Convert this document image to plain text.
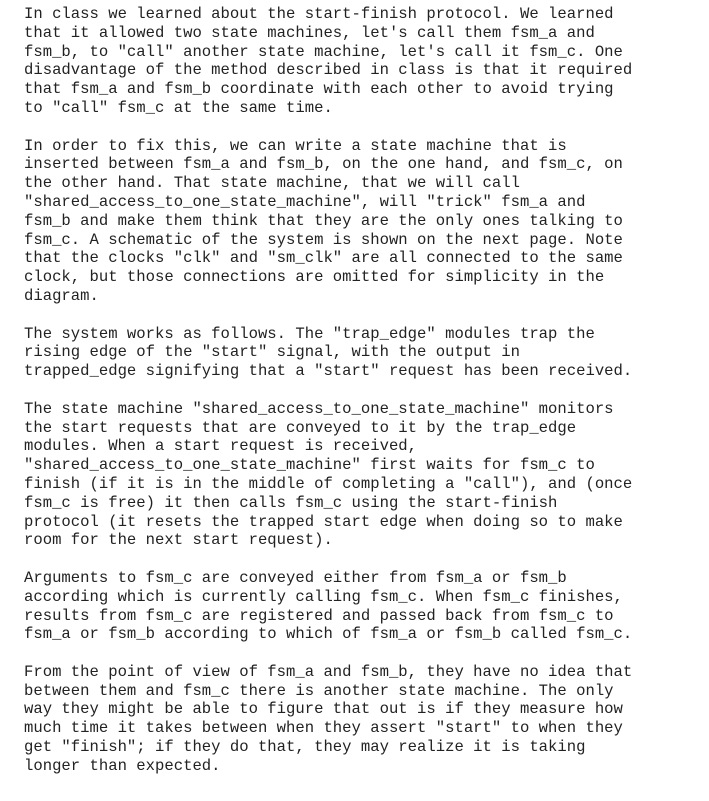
In class we learned about the start-finish protocol. We learned
that it allowed two state machines, let's call them fsm_a and
fsm_b, to "call" another state machine, let's call it fsm_c. One
disadvantage of the method described in class is that it required
that fsm_a and fsm_b coordinate with each other to avoid trying
to "call" fsm_c at the same time.
In order to fix this, we can write a state machine that is
inserted between fsm_a and fsm_b, on the one hand, and fsm_c, on
the other hand. That state machine, that we will call
"shared_access_to_one_state_machine", will "trick" fsm_a and
fsm_b and make them think that they are the only ones talking to
fsm_c. A schematic of the system is shown on the next page. Note
that the clocks "clk" and "sm_clk" are all connected to the same
clock, but those connections are omitted for simplicity in the
diagram.
The system works as follows. The "trap_edge" modules trap the
rising edge of the "start" signal, with the output in
trapped_edge signifying that a "start" request has been received.
The state machine "shared_access_to_one_state_machine" monitors
the start requests that are conveyed to it by the trap_edge
modules. When a start request is received,
"shared_access_to_one_state_machine" first waits for fsm_c to
finish (if it is in the middle of completing a "call"), and (once
fsm_c is free) it then calls fsm_c using the start-finish
protocol (it resets the trapped start edge when doing so to make
room for the next start request).
Arguments to fsm_c are conveyed either from fsm_a or fsm_b
according which is currently calling fsm_c. When fsm_c finishes,
results from fsm_c are registered and passed back from fsm_c to
fsm_a or fsm_b according to which of fsm_a or fsm_b called fsm_c.
From the point of view of fsm_a and fsm_b, they have no idea that
between them and fsm_c there is another state machine. The only
way they might be able to figure that out is if they measure how
much time it takes between when they assert "start" to when they
get "finish"; if they do that, they may realize it is taking
longer than expected.
